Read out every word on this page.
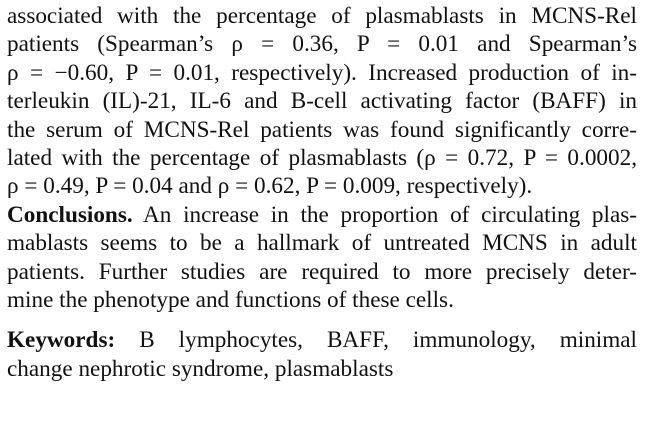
associated with the percentage of plasmablasts in MCNS-Rel
patients (Spearman’s ρ = 0.36, P = 0.01 and Spearman’s
ρ = −0.60, P = 0.01, respectively). Increased production of in-
terleukin (IL)-21, IL-6 and B-cell activating factor (BAFF) in
the serum of MCNS-Rel patients was found significantly corre-
lated with the percentage of plasmablasts (ρ = 0.72, P = 0.0002,
ρ = 0.49, P = 0.04 and ρ = 0.62, P = 0.009, respectively).
Conclusions. An increase in the proportion of circulating plas-
mablasts seems to be a hallmark of untreated MCNS in adult
patients. Further studies are required to more precisely deter-
mine the phenotype and functions of these cells.
Keywords: B lymphocytes, BAFF, immunology, minimal
change nephrotic syndrome, plasmablasts
